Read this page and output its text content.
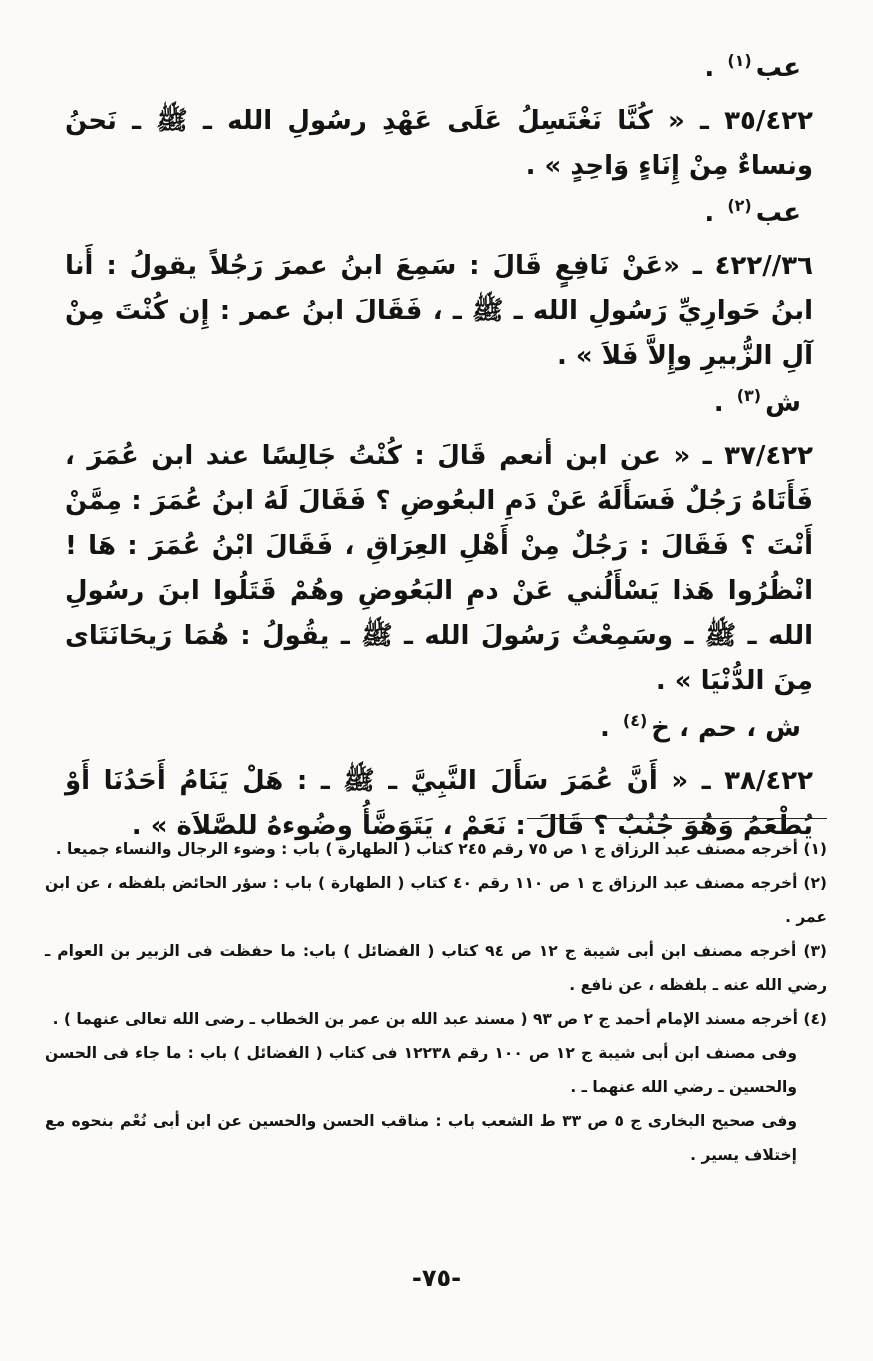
عب$^{(١)}$ .

٣٥/٤٢٢ ـ « كُنَّا نَغْتَسِلُ عَلَى عَهْدِ رسُولِ الله ـ ﷺ ـ نَحنُ ونساءٌ مِنْ إِنَاءٍ وَاحِدٍ » .

عب$^{(٢)}$ .

٣٦//٤٢٢ ـ «عَنْ نَافِعٍ قَالَ : سَمِعَ ابنُ عمرَ رَجُلاً يقولُ : أَنا ابنُ حَوارِيِّ رَسُولِ الله ـ ﷺ ـ ، فَقَالَ ابنُ عمر : إِن كُنْتَ مِنْ آلِ الزُّبيرِ وإِلاَّ فَلاَ » .

ش$^{(٣)}$ .

٣٧/٤٢٢ ـ « عن ابن أنعم قَالَ : كُنْتُ جَالِسًا عند ابن عُمَرَ ، فَأَتَاهُ رَجُلٌ فَسَأَلَهُ عَنْ دَمِ البعُوضِ ؟ فَقَالَ لَهُ ابنُ عُمَرَ : مِمَّنْ أَنْتَ ؟ فَقَالَ : رَجُلٌ مِنْ أَهْلِ العِرَاقِ ، فَقَالَ ابْنُ عُمَرَ : هَا ! انْظُرُوا هَذا يَسْأَلُني عَنْ دمِ البَعُوضِ وهُمْ قَتَلُوا ابنَ رسُولِ الله ـ ﷺ ـ وسَمِعْتُ رَسُولَ الله ـ ﷺ ـ يقُولُ : هُمَا رَيحَانَتَاى مِنَ الدُّنْيَا » .

ش ، حم ، خ$^{(٤)}$ .

٣٨/٤٢٢ ـ « أَنَّ عُمَرَ سَأَلَ النَّبِيَّ ـ ﷺ ـ : هَلْ يَنَامُ أَحَدُنَا أَوْ يُطْعَمُ وَهُوَ جُنُبٌ ؟ قَالَ : نَعَمْ ، يَتَوَضَّأُ وضُوءهُ للصَّلاَة » .

(١) أخرجه مصنف عبد الرزاق ج ١ ص ٧٥ رقم ٢٤٥ كتاب ( الطهارة ) باب : وضوء الرجال والنساء جميعا .

(٢) أخرجه مصنف عبد الرزاق ج ١ ص ١١٠ رقم ٤٠ كتاب ( الطهارة ) باب : سؤر الحائض بلفظه ، عن ابن عمر .

(٣) أخرجه مصنف ابن أبى شيبة ج ١٢ ص ٩٤ كتاب ( الفضائل ) باب: ما حفظت فى الزبير بن العوام ـ رضي الله عنه ـ بلفظه ، عن نافع .

(٤) أخرجه مسند الإمام أحمد ج ٢ ص ٩٣ ( مسند عبد الله بن عمر بن الخطاب ـ رضى الله تعالى عنهما ) .

وفى مصنف ابن أبى شيبة ج ١٢ ص ١٠٠ رقم ١٢٢٣٨ فى كتاب ( الفضائل ) باب : ما جاء فى الحسن والحسين ـ رضي الله عنهما ـ .

وفى صحيح البخارى ج ٥ ص ٣٣ ط الشعب باب : مناقب الحسن والحسين عن ابن أبى نُعْم بنحوه مع إختلاف يسير .

-٧٥-
